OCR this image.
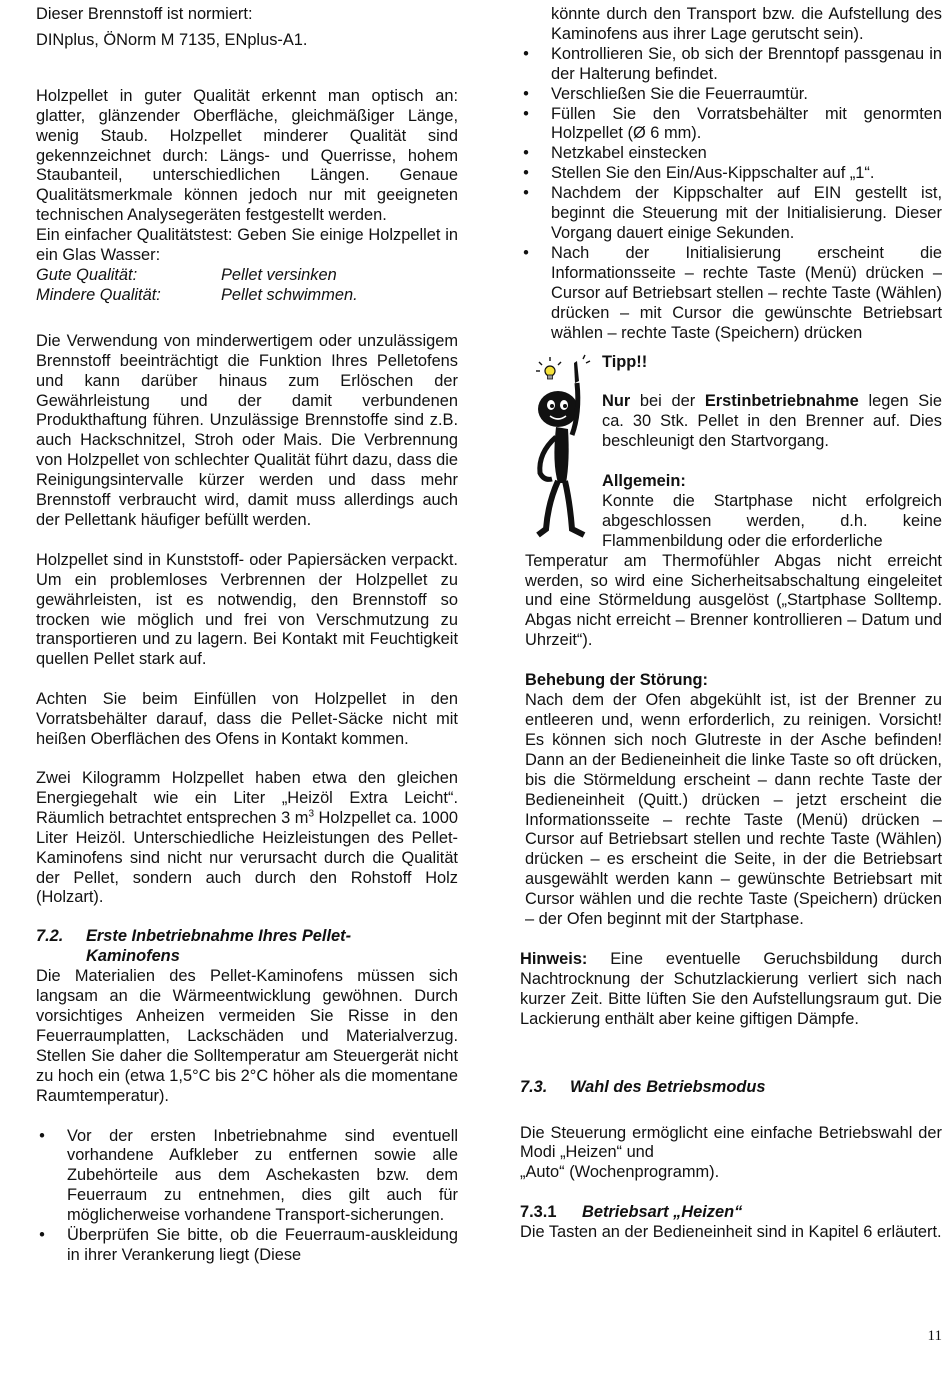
Dieser Brennstoff ist normiert:

DINplus, ÖNorm M 7135, ENplus-A1.

Holzpellet in guter Qualität erkennt man optisch an: glatter, glänzender Oberfläche, gleichmäßiger Länge, wenig Staub. Holzpellet minderer Qualität sind gekennzeichnet durch: Längs- und Querrisse, hohem Staubanteil, unterschiedlichen Längen. Genaue Qualitätsmerkmale können jedoch nur mit geeigneten technischen Analysegeräten festgestellt werden.

Ein einfacher Qualitätstest: Geben Sie einige Holzpellet in ein Glas Wasser:

Gute Qualität:	Pellet versinken
Mindere Qualität:	Pellet schwimmen.

Die Verwendung von minderwertigem oder unzulässigem Brennstoff beeinträchtigt die Funktion Ihres Pelletofens und kann darüber hinaus zum Erlöschen der Gewährleistung und der damit verbundenen Produkthaftung führen. Unzulässige Brennstoffe sind z.B. auch Hackschnitzel, Stroh oder Mais. Die Verbrennung von Holzpellet von schlechter Qualität führt dazu, dass die Reinigungsintervalle kürzer werden und dass mehr Brennstoff verbraucht wird, damit muss allerdings auch der Pellettank häufiger befüllt werden.

Holzpellet sind in Kunststoff- oder Papiersäcken verpackt. Um ein problemloses Verbrennen der Holzpellet zu gewährleisten, ist es notwendig, den Brennstoff so trocken wie möglich und frei von Verschmutzung zu transportieren und zu lagern. Bei Kontakt mit Feuchtigkeit quellen Pellet stark auf.

Achten Sie beim Einfüllen von Holzpellet in den Vorratsbehälter darauf, dass die Pellet-Säcke nicht mit heißen Oberflächen des Ofens in Kontakt kommen.

Zwei Kilogramm Holzpellet haben etwa den gleichen Energiegehalt wie ein Liter „Heizöl Extra Leicht“. Räumlich betrachtet entsprechen 3 $m^3$ Holzpellet ca. 1000 Liter Heizöl. Unterschiedliche Heizleistungen des Pellet-Kaminofens sind nicht nur verursacht durch die Qualität der Pellet, sondern auch durch den Rohstoff Holz (Holzart).

7.2.	Erste Inbetriebnahme Ihres Pellet-Kaminofens

Die Materialien des Pellet-Kaminofens müssen sich langsam an die Wärmeentwicklung gewöhnen. Durch vorsichtiges Anheizen vermeiden Sie Risse in den Feuerraumplatten, Lackschäden und Materialverzug. Stellen Sie daher die Solltemperatur am Steuergerät nicht zu hoch ein (etwa 1,5°C bis 2°C höher als die momentane Raumtemperatur).

• Vor der ersten Inbetriebnahme sind eventuell vorhandene Aufkleber zu entfernen sowie alle Zubehörteile aus dem Aschekasten bzw. dem Feuerraum zu entnehmen, dies gilt auch für möglicherweise vorhandene Transport-sicherungen.
• Überprüfen Sie bitte, ob die Feuerraum-auskleidung in ihrer Verankerung liegt (Diese

könnte durch den Transport bzw. die Aufstellung des Kaminofens aus ihrer Lage gerutscht sein).

• Kontrollieren Sie, ob sich der Brenntopf passgenau in der Halterung befindet.
• Verschließen Sie die Feuerraumtür.
• Füllen Sie den Vorratsbehälter mit genormten Holzpellet (Ø 6 mm).
• Netzkabel einstecken
• Stellen Sie den Ein/Aus-Kippschalter auf „1“.
• Nachdem der Kippschalter auf EIN gestellt ist, beginnt die Steuerung mit der Initialisierung. Dieser Vorgang dauert einige Sekunden.
• Nach der Initialisierung erscheint die Informationsseite – rechte Taste (Menü) drücken – Cursor auf Betriebsart stellen – rechte Taste (Wählen) drücken – mit Cursor die gewünschte Betriebsart wählen – rechte Taste (Speichern) drücken

Tipp!!

Nur bei der Erstinbetriebnahme legen Sie ca. 30 Stk. Pellet in den Brenner auf. Dies beschleunigt den Startvorgang.

Allgemein:

Konnte die Startphase nicht erfolgreich abgeschlossen werden, d.h. keine Flammenbildung oder die erforderliche

Temperatur am Thermofühler Abgas nicht erreicht werden, so wird eine Sicherheitsabschaltung eingeleitet und eine Störmeldung ausgelöst („Startphase Solltemp. Abgas nicht erreicht – Brenner kontrollieren – Datum und Uhrzeit“).

Behebung der Störung:

Nach dem der Ofen abgekühlt ist, ist der Brenner zu entleeren und, wenn erforderlich, zu reinigen. Vorsicht! Es können sich noch Glutreste in der Asche befinden! Dann an der Bedieneinheit die linke Taste so oft drücken, bis die Störmeldung erscheint – dann rechte Taste der Bedieneinheit (Quitt.) drücken – jetzt erscheint die Informationsseite – rechte Taste (Menü) drücken – Cursor auf Betriebsart stellen und rechte Taste (Wählen) drücken – es erscheint die Seite, in der die Betriebsart ausgewählt werden kann – gewünschte Betriebsart mit Cursor wählen und die rechte Taste (Speichern) drücken – der Ofen beginnt mit der Startphase.

Hinweis: Eine eventuelle Geruchsbildung durch Nachtrocknung der Schutzlackierung verliert sich nach kurzer Zeit. Bitte lüften Sie den Aufstellungsraum gut. Die Lackierung enthält aber keine giftigen Dämpfe.

7.3.	Wahl des Betriebsmodus

Die Steuerung ermöglicht eine einfache Betriebswahl der Modi „Heizen“ und

„Auto“ (Wochenprogramm).

7.3.1	Betriebsart „Heizen“

Die Tasten an der Bedieneinheit sind in Kapitel 6 erläutert.

11
